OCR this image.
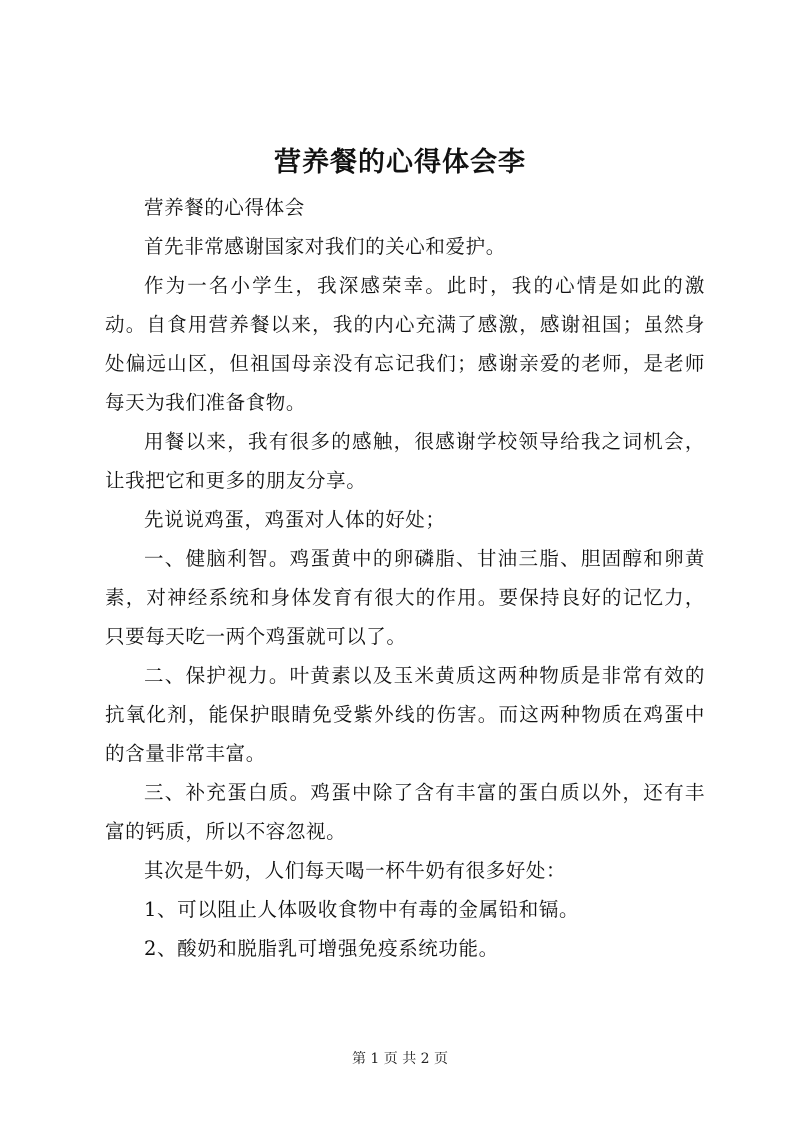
营养餐的心得体会李

营养餐的心得体会

首先非常感谢国家对我们的关心和爱护。

作为一名小学生，我深感荣幸。此时，我的心情是如此的激动。自食用营养餐以来，我的内心充满了感激，感谢祖国；虽然身处偏远山区，但祖国母亲没有忘记我们；感谢亲爱的老师，是老师每天为我们准备食物。

用餐以来，我有很多的感触，很感谢学校领导给我之词机会，让我把它和更多的朋友分享。

先说说鸡蛋，鸡蛋对人体的好处；

一、健脑利智。鸡蛋黄中的卵磷脂、甘油三脂、胆固醇和卵黄素，对神经系统和身体发育有很大的作用。要保持良好的记忆力，只要每天吃一两个鸡蛋就可以了。

二、保护视力。叶黄素以及玉米黄质这两种物质是非常有效的抗氧化剂，能保护眼睛免受紫外线的伤害。而这两种物质在鸡蛋中的含量非常丰富。

三、补充蛋白质。鸡蛋中除了含有丰富的蛋白质以外，还有丰富的钙质，所以不容忽视。

其次是牛奶，人们每天喝一杯牛奶有很多好处：

1、可以阻止人体吸收食物中有毒的金属铅和镉。

2、酸奶和脱脂乳可增强免疫系统功能。

第 1 页 共 2 页
